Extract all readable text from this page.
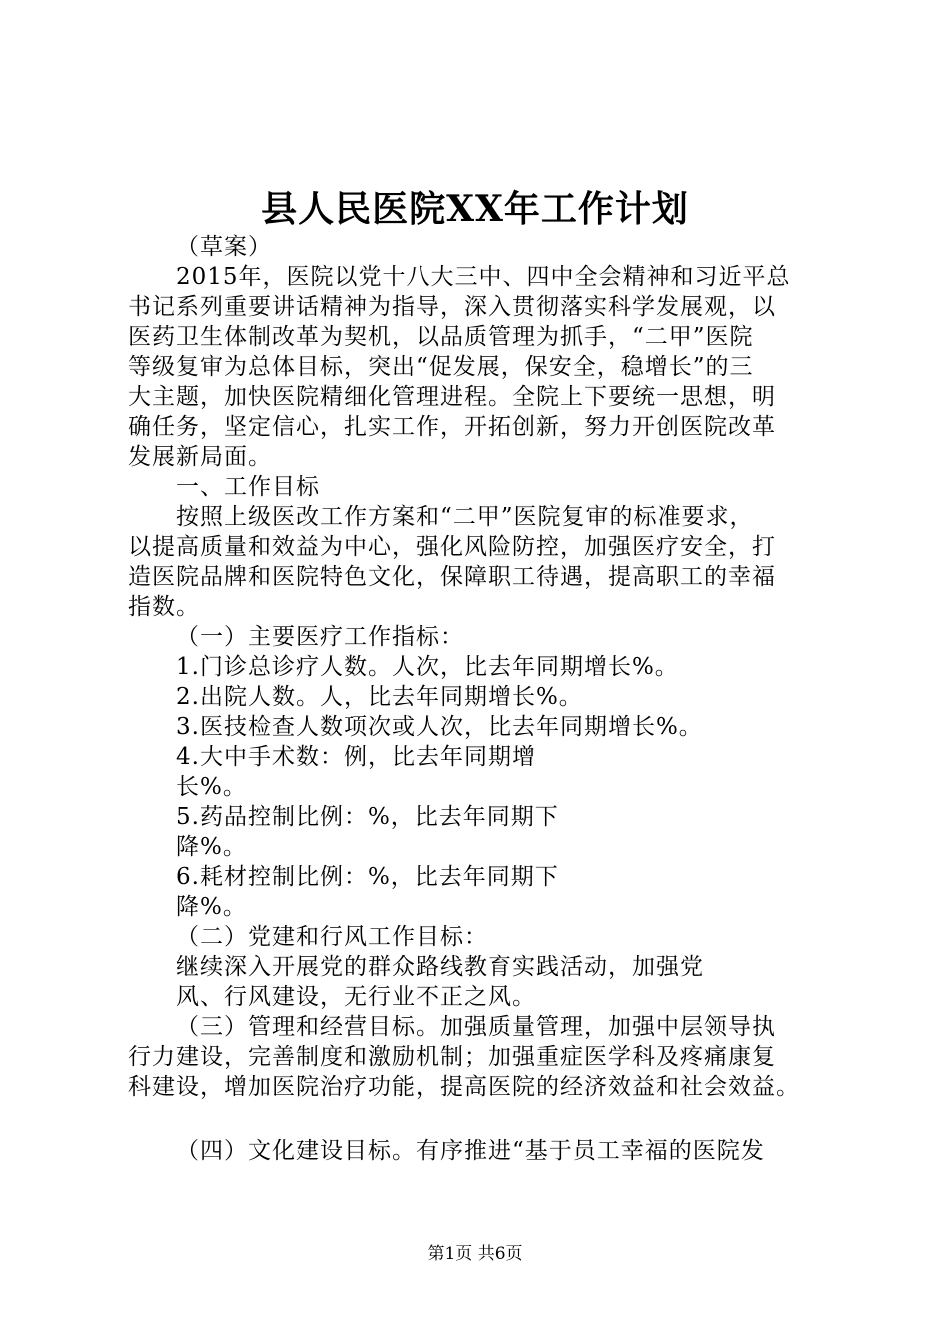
县人民医院XX年工作计划
（草案）
2015年，医院以党十八大三中、四中全会精神和习近平总
书记系列重要讲话精神为指导，深入贯彻落实科学发展观，以
医药卫生体制改革为契机，以品质管理为抓手，“二甲”医院
等级复审为总体目标，突出“促发展，保安全，稳增长”的三
大主题，加快医院精细化管理进程。全院上下要统一思想，明
确任务，坚定信心，扎实工作，开拓创新，努力开创医院改革
发展新局面。
一、工作目标
按照上级医改工作方案和“二甲”医院复审的标准要求，
以提高质量和效益为中心，强化风险防控，加强医疗安全，打
造医院品牌和医院特色文化，保障职工待遇，提高职工的幸福
指数。
（一）主要医疗工作指标：
1.门诊总诊疗人数。人次，比去年同期增长%。
2.出院人数。人，比去年同期增长%。
3.医技检查人数项次或人次，比去年同期增长%。
4.大中手术数：例，比去年同期增
长%。
5.药品控制比例：%，比去年同期下
降%。
6.耗材控制比例：%，比去年同期下
降%。
（二）党建和行风工作目标：
继续深入开展党的群众路线教育实践活动，加强党
风、行风建设，无行业不正之风。
（三）管理和经营目标。加强质量管理，加强中层领导执
行力建设，完善制度和激励机制；加强重症医学科及疼痛康复
科建设，增加医院治疗功能，提高医院的经济效益和社会效益。
（四）文化建设目标。有序推进“基于员工幸福的医院发
第1页 共6页
